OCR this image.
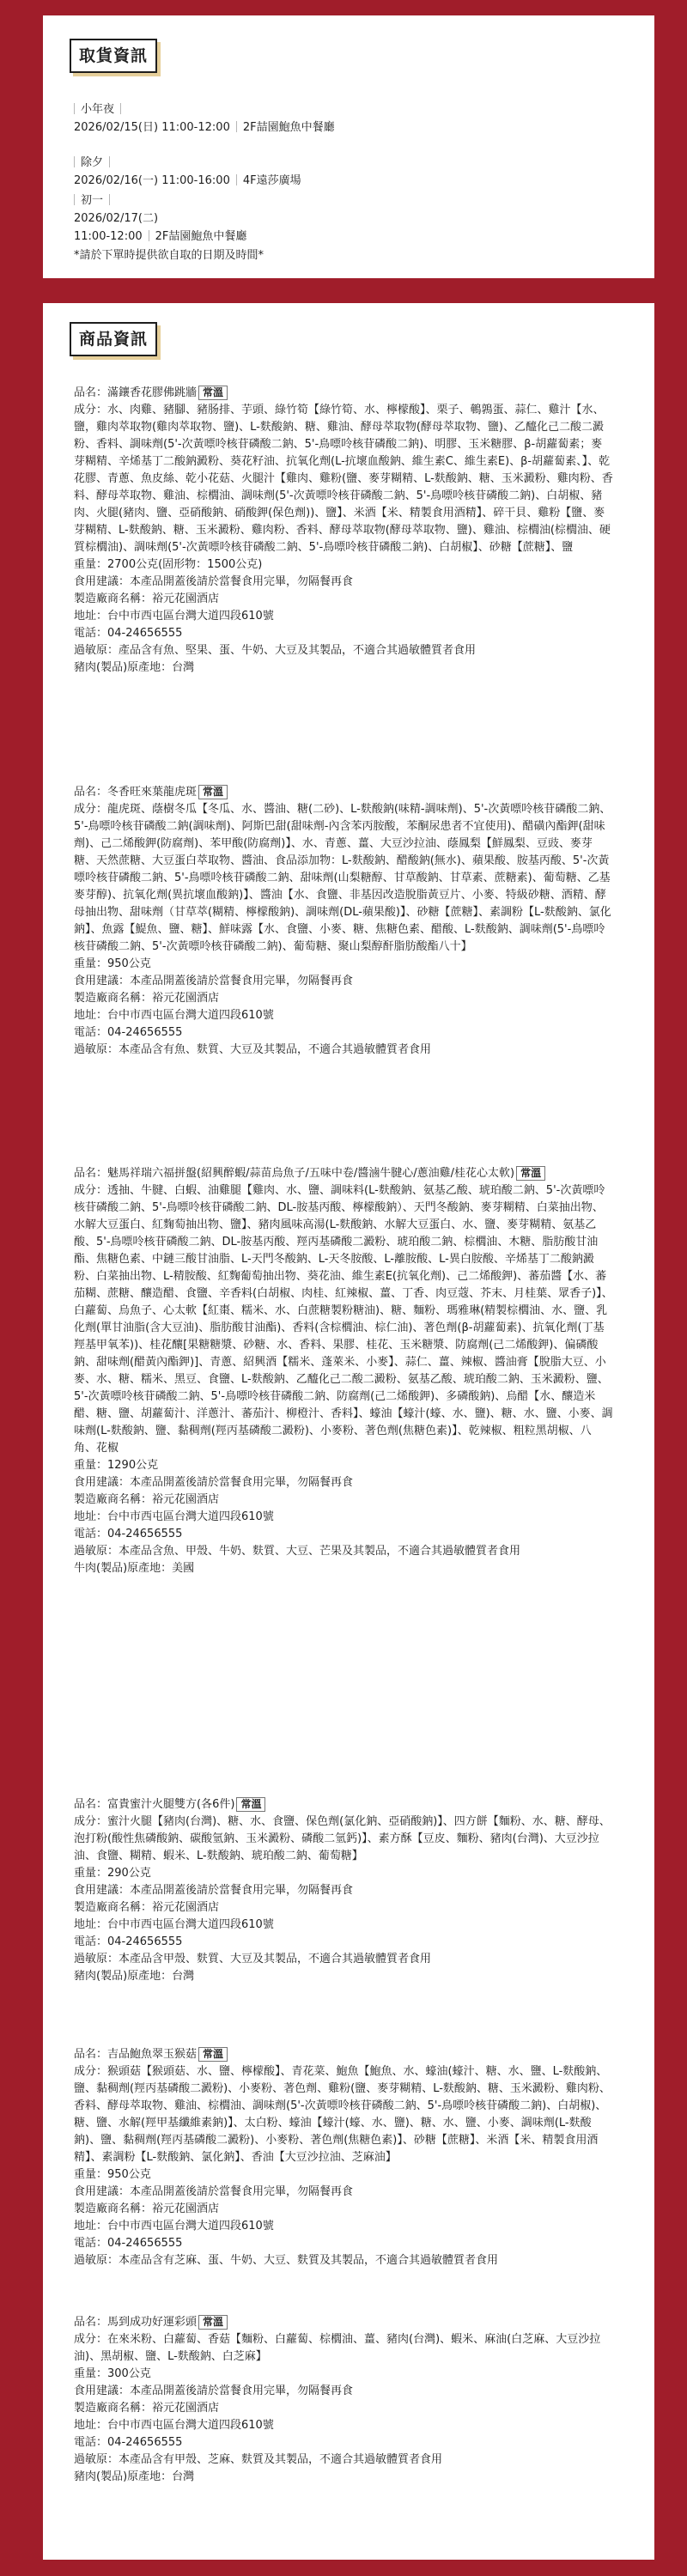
取貨資訊
小年夜
2026/02/15(日) 11:00-12:00 2F喆園鮑魚中餐廳
除夕
2026/02/16(一) 11:00-16:00 4F遠莎廣場
初一
2026/02/17(二)
11:00-12:00 2F喆園鮑魚中餐廳
*請於下單時提供欲自取的日期及時間*
商品資訊
品名：滿鑲香花膠佛跳牆 常溫
成分：水、肉雞、豬腳、豬肠排、芋頭、綠竹筍【綠竹筍、水、檸檬酸】、栗子、鵪鶉蛋、蒜仁、雞汁【水、鹽，雞肉萃取物(雞肉萃取物、鹽)、L-麩酸鈉、糖、雞油、酵母萃取物(酵母萃取物、鹽)、乙醯化己二酸二澱粉、香料、調味劑(5'-次黃嘌呤核苷磷酸二鈉、5'-鳥嘌呤核苷磷酸二鈉)、明膠、玉米糖膠、β-胡蘿蔔素；麥芽糊精、辛烯基丁二酸鈉澱粉、葵花籽油、抗氧化劑(L-抗壞血酸鈉、維生素C、維生素E)、β-胡蘿蔔素、】、乾花膠、青蔥、魚皮絲、乾小花菇、火腿汁【雞肉、雞粉(鹽、麥芽糊精、L-麩酸鈉、糖、玉米澱粉、雞肉粉、香料、酵母萃取物、雞油、棕櫚油、調味劑(5'-次黃嘌呤核苷磷酸二鈉、5'-鳥嘌呤核苷磷酸二鈉)、白胡椒、豬肉、火腿(豬肉、鹽、亞硝酸鈉、硝酸鉀(保色劑))、鹽】、米酒【米、精製食用酒精】、碎干貝、雞粉【鹽、麥芽糊精、L-麩酸鈉、糖、玉米澱粉、雞肉粉、香料、酵母萃取物(酵母萃取物、鹽)、雞油、棕櫚油(棕櫚油、硬質棕櫚油)、調味劑(5'-次黃嘌呤核苷磷酸二鈉、5'-鳥嘌呤核苷磷酸二鈉)、白胡椒】、砂糖【蔗糖】、鹽
重量：2700公克(固形物：1500公克)
食用建議：本產品開蓋後請於當餐食用完畢，勿隔餐再食
製造廠商名稱：裕元花園酒店
地址：台中市西屯區台灣大道四段610號
電話：04-24656555
過敏原：產品含有魚、堅果、蛋、牛奶、大豆及其製品，不適合其過敏體質者食用
豬肉(製品)原產地：台灣
品名：冬香旺來葉龍虎斑 常溫
成分：龍虎斑、蔭樹冬瓜【冬瓜、水、醬油、糖(二砂)、L-麩酸鈉(味精-調味劑)、5'-次黃嘌呤核苷磷酸二鈉、5'-鳥嘌呤核苷磷酸二鈉(調味劑)、阿斯巴甜(甜味劑-內含苯丙胺酸，苯酮尿患者不宜使用)、醋磺內酯鉀(甜味劑)、己二烯酸鉀(防腐劑)、苯甲酸(防腐劑)】、水、青蔥、薑、大豆沙拉油、蔭鳳梨【鮮鳳梨、豆豉、麥芽糖、天然蔗糖、大豆蛋白萃取物、醬油、食品添加物：L-麩酸鈉、醋酸鈉(無水)、蘋果酸、胺基丙酸、5'-次黃嘌呤核苷磷酸二鈉、5'-鳥嘌呤核苷磷酸二鈉、甜味劑(山梨糖醇、甘草酸鈉、甘草素、蔗糖素)、葡萄糖、乙基麥芽醇)、抗氧化劑(異抗壞血酸鈉)】、醬油【水、食鹽、非基因改造脫脂黃豆片、小麥、特級砂糖、酒精、酵母抽出物、甜味劑（甘草萃(糊精、檸檬酸鈉)、調味劑(DL-蘋果酸)】、砂糖【蔗糖】、素調粉【L-麩酸鈉、氯化鈉】、魚露【鯷魚、鹽、糖】、鮮味露【水、食鹽、小麥、糖、焦糖色素、醋酸、L-麩酸鈉、調味劑(5'-鳥嘌呤核苷磷酸二鈉、5'-次黃嘌呤核苷磷酸二鈉)、葡萄糖、聚山梨醇酐脂肪酸酯八十】
重量：950公克
食用建議：本產品開蓋後請於當餐食用完畢，勿隔餐再食
製造廠商名稱：裕元花園酒店
地址：台中市西屯區台灣大道四段610號
電話：04-24656555
過敏原：本產品含有魚、麩質、大豆及其製品，不適合其過敏體質者食用
品名：魅馬祥瑞六福拼盤(紹興醉蝦/蒜苗烏魚子/五味中卷/醬滷牛腱心/蔥油雞/桂花心太軟) 常溫
成分：透抽、牛腱、白蝦、油雞腿【雞肉、水、鹽、調味料(L-麩酸鈉、氨基乙酸、琥珀酸二鈉、5'-次黃嘌呤核苷磷酸二鈉、5'-鳥嘌呤核苷磷酸二鈉、DL-胺基丙酸、檸檬酸鈉）、天門冬酸鈉、麥芽糊精、白菜抽出物、水解大豆蛋白、紅麴萄抽出物、鹽】、豬肉風味高湯(L-麩酸鈉、水解大豆蛋白、水、鹽、麥芽糊精、氨基乙酸、5'-鳥嘌呤核苷磷酸二鈉、DL-胺基丙酸、羥丙基磷酸二澱粉、琥珀酸二鈉、棕櫚油、木糖、脂肪酸甘油酯、焦糖色素、中鏈三酸甘油脂、L-天門冬酸鈉、L-天冬胺酸、L-離胺酸、L-異白胺酸、辛烯基丁二酸鈉澱粉、白菜抽出物、L-精胺酸、紅麴葡萄抽出物、葵花油、維生素E(抗氧化劑)、己二烯酸鉀)、蕃茄醬【水、蕃茄糊、蔗糖、釀造醋、食鹽、辛香料(白胡椒、肉桂、紅辣椒、薑、丁香、肉豆蔻、芥末、月桂葉、眾香子)】、白蘿蔔、烏魚子、心太軟【紅棗、糯米、水、白蔗糖製粉糖油)、糖、麵粉、瑪雅琳(精製棕櫚油、水、鹽、乳化劑(單甘油脂(含大豆油)、脂肪酸甘油酯)、香料(含棕櫚油、棕仁油)、著色劑(β-胡蘿蔔素)、抗氧化劑(丁基羥基甲氧苯))、桂花釀[果糖糖漿、砂糖、水、香料、果膠、桂花、玉米糖漿、防腐劑(己二烯酸鉀)、偏磷酸鈉、甜味劑(醋黃內酯鉀)]、青蔥、紹興酒【糯米、蓬萊米、小麥】、蒜仁、薑、辣椒、醬油膏【脫脂大豆、小麥、水、糖、糯米、黑豆、食鹽、L-麩酸鈉、乙醯化己二酸二澱粉、氨基乙酸、琥珀酸二鈉、玉米澱粉、鹽、5'-次黃嘌呤核苷磷酸二鈉、5'-鳥嘌呤核苷磷酸二鈉、防腐劑(己二烯酸鉀)、多磷酸鈉)、烏醋【水、釀造米醋、糖、鹽、胡蘿蔔汁、洋蔥汁、蕃茄汁、柳橙汁、香料】、蠔油【蠔汁(蠔、水、鹽)、糖、水、鹽、小麥、調味劑(L-麩酸鈉、鹽、黏稠劑(羥丙基磷酸二澱粉)、小麥粉、著色劑(焦糖色素)】、乾辣椒、粗粒黑胡椒、八角、花椒
重量：1290公克
食用建議：本產品開蓋後請於當餐食用完畢，勿隔餐再食
製造廠商名稱：裕元花園酒店
地址：台中市西屯區台灣大道四段610號
電話：04-24656555
過敏原：本產品含魚、甲殼、牛奶、麩質、大豆、芒果及其製品，不適合其過敏體質者食用
牛肉(製品)原產地：美國
品名：富貴蜜汁火腿雙方(各6件) 常溫
成分：蜜汁火腿【豬肉(台灣)、糖、水、食鹽、保色劑(氯化鈉、亞硝酸鈉)】、四方餅【麵粉、水、糖、酵母、泡打粉(酸性焦磷酸鈉、碳酸氫鈉、玉米澱粉、磷酸二氫鈣)】、素方酥【豆皮、麵粉、豬肉(台灣)、大豆沙拉油、食鹽、糊精、蝦米、L-麩酸鈉、琥珀酸二鈉、葡萄糖】
重量：290公克
食用建議：本產品開蓋後請於當餐食用完畢，勿隔餐再食
製造廠商名稱：裕元花園酒店
地址：台中市西屯區台灣大道四段610號
電話：04-24656555
過敏原：本產品含甲殼、麩質、大豆及其製品，不適合其過敏體質者食用
豬肉(製品)原產地：台灣
品名：吉品鮑魚翠玉猴菇 常溫
成分：猴頭菇【猴頭菇、水、鹽、檸檬酸】、青花菜、鮑魚【鮑魚、水、蠔油(蠔汁、糖、水、鹽、L-麩酸鈉、鹽、黏稠劑(羥丙基磷酸二澱粉)、小麥粉、著色劑、雞粉(鹽、麥芽糊精、L-麩酸鈉、糖、玉米澱粉、雞肉粉、香料、酵母萃取物、雞油、棕櫚油、調味劑(5'-次黃嘌呤核苷磷酸二鈉、5'-鳥嘌呤核苷磷酸二鈉)、白胡椒)、糖、鹽、水解(羥甲基纖維素鈉)】、太白粉、蠔油【蠔汁(蠔、水、鹽)、糖、水、鹽、小麥、調味劑(L-麩酸鈉)、鹽、黏稠劑(羥丙基磷酸二澱粉)、小麥粉、著色劑(焦糖色素)】、砂糖【蔗糖】、米酒【米、精製食用酒精】、素調粉【L-麩酸鈉、氯化鈉】、香油【大豆沙拉油、芝麻油】
重量：950公克
食用建議：本產品開蓋後請於當餐食用完畢，勿隔餐再食
製造廠商名稱：裕元花園酒店
地址：台中市西屯區台灣大道四段610號
電話：04-24656555
過敏原：本產品含有芝麻、蛋、牛奶、大豆、麩質及其製品，不適合其過敏體質者食用
品名：馬到成功好運彩頭 常溫
成分：在來米粉、白蘿蔔、香菇【麵粉、白蘿蔔、棕櫚油、薑、豬肉(台灣)、蝦米、麻油(白芝麻、大豆沙拉油)、黑胡椒、鹽、L-麩酸鈉、白芝麻】
重量：300公克
食用建議：本產品開蓋後請於當餐食用完畢，勿隔餐再食
製造廠商名稱：裕元花園酒店
地址：台中市西屯區台灣大道四段610號
電話：04-24656555
過敏原：本產品含有甲殼、芝麻、麩質及其製品，不適合其過敏體質者食用
豬肉(製品)原產地：台灣
